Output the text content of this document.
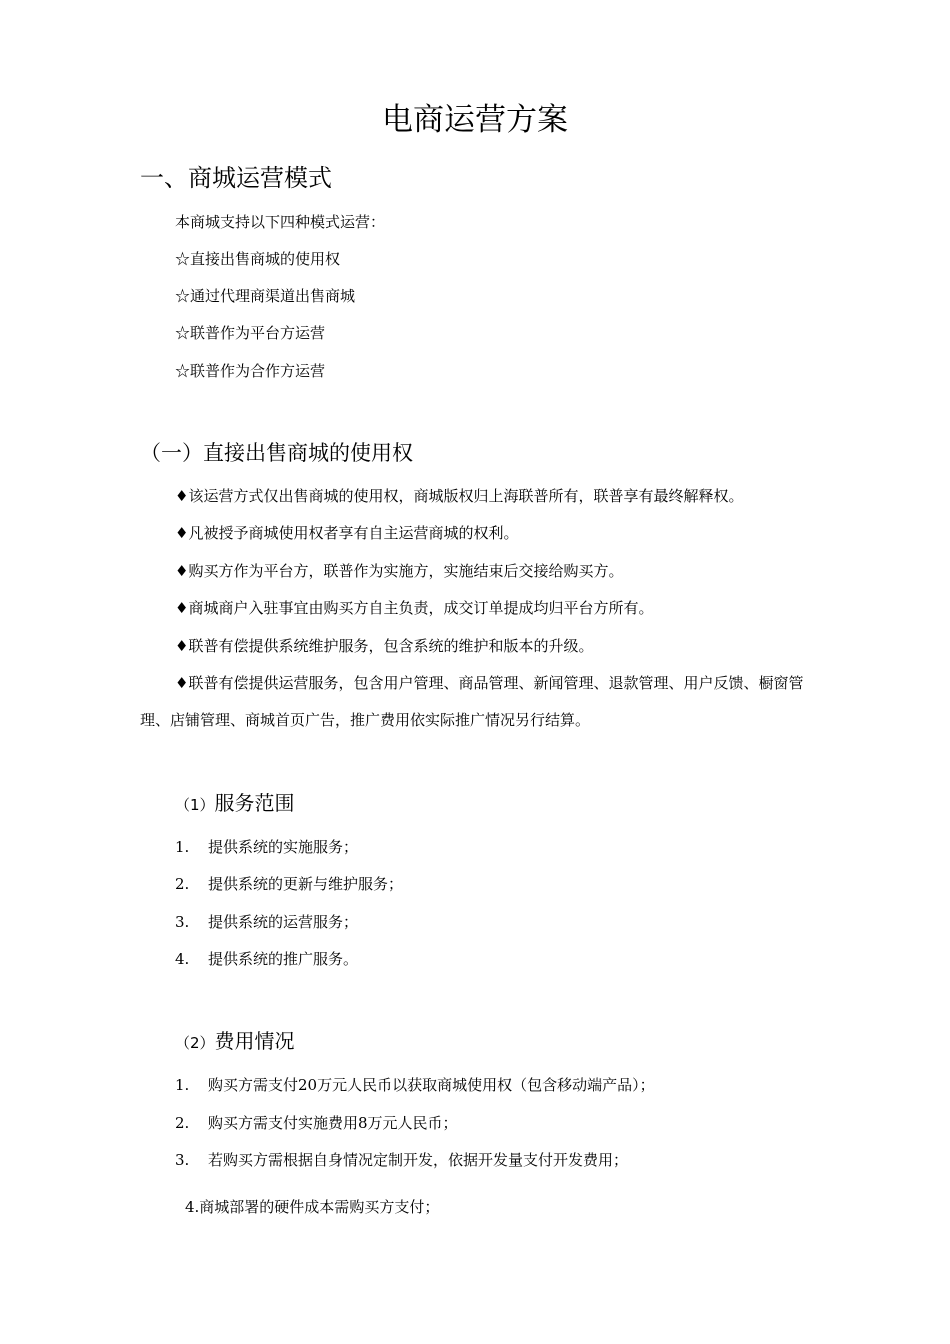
电商运营方案
一、商城运营模式
本商城支持以下四种模式运营：
☆直接出售商城的使用权
☆通过代理商渠道出售商城
☆联普作为平台方运营
☆联普作为合作方运营
（一）直接出售商城的使用权
♦该运营方式仅出售商城的使用权，商城版权归上海联普所有，联普享有最终解释权。
♦凡被授予商城使用权者享有自主运营商城的权利。
♦购买方作为平台方，联普作为实施方，实施结束后交接给购买方。
♦商城商户入驻事宜由购买方自主负责，成交订单提成均归平台方所有。
♦联普有偿提供系统维护服务，包含系统的维护和版本的升级。
♦联普有偿提供运营服务，包含用户管理、商品管理、新闻管理、退款管理、用户反馈、橱窗管理、店铺管理、商城首页广告，推广费用依实际推广情况另行结算。
（1）服务范围
1. 提供系统的实施服务；
2. 提供系统的更新与维护服务；
3. 提供系统的运营服务；
4. 提供系统的推广服务。
（2）费用情况
1. 购买方需支付20万元人民币以获取商城使用权（包含移动端产品）；
2. 购买方需支付实施费用8万元人民币；
3. 若购买方需根据自身情况定制开发，依据开发量支付开发费用；
4.商城部署的硬件成本需购买方支付；
